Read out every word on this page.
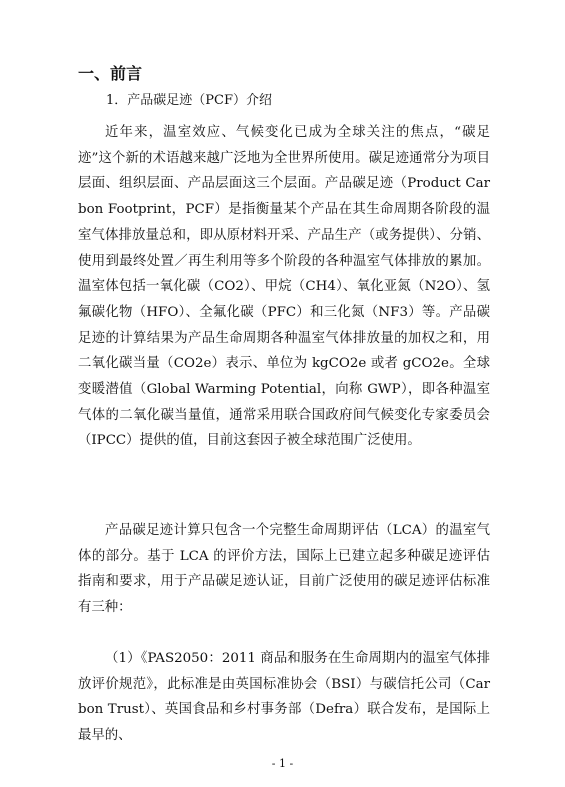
一、前言
1．产品碳足迹（PCF）介绍

近年来，温室效应、气候变化已成为全球关注的焦点，“碳足迹”这个新的术语越来越广泛地为全世界所使用。碳足迹通常分为项目层面、组织层面、产品层面这三个层面。产品碳足迹（Product Carbon Footprint，PCF）是指衡量某个产品在其生命周期各阶段的温室气体排放量总和，即从原材料开采、产品生产（或务提供）、分销、使用到最终处置／再生利用等多个阶段的各种温室气体排放的累加。温室体包括一氧化碳（CO2）、甲烷（CH4）、氧化亚氮（N2O）、氢氟碳化物（HFO）、全氟化碳（PFC）和三化氮（NF3）等。产品碳足迹的计算结果为产品生命周期各种温室气体排放量的加权之和，用二氧化碳当量（CO2e）表示、单位为 kgCO2e 或者 gCO2e。全球变暖潜值（Global Warming Potential，向称 GWP），即各种温室气体的二氧化碳当量值，通常采用联合国政府间气候变化专家委员会（IPCC）提供的值，目前这套因子被全球范围广泛使用。

产品碳足迹计算只包含一个完整生命周期评估（LCA）的温室气体的部分。基于 LCA 的评价方法，国际上已建立起多种碳足迹评估指南和要求，用于产品碳足迹认证，目前广泛使用的碳足迹评估标准有三种：

（1）《PAS2050：2011 商品和服务在生命周期内的温室气体排放评价规范》，此标准是由英国标准协会（BSI）与碳信托公司（Carbon Trust）、英国食品和乡村事务部（Defra）联合发布，是国际上最早的、

- 1 -
